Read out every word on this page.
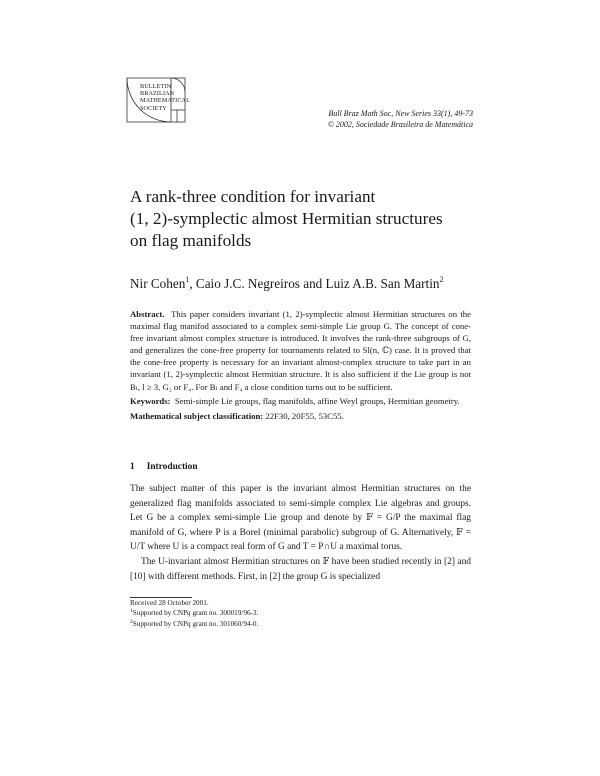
BULLETIN
BRAZILIAN
MATHEMATICAL
SOCIETY
Bull Braz Math Soc, New Series 33(1), 49-73
© 2002, Sociedade Brasileira de Matemática
A rank-three condition for invariant
(1, 2)-symplectic almost Hermitian structures
on flag manifolds
Nir Cohen$^1$, Caio J.C. Negreiros and Luiz A.B. San Martin$^2$

Abstract. This paper considers invariant (1, 2)-symplectic almost Hermitian structures on the maximal flag manifod associated to a complex semi-simple Lie group G. The concept of cone-free invariant almost complex structure is introduced. It involves the rank-three subgroups of G, and generalizes the cone-free property for tournaments related to Sl(n, ℂ) case. It is proved that the cone-free property is necessary for an invariant almost-complex structure to take part in an invariant (1, 2)-symplectic almost Hermitian structure. It is also sufficient if the Lie group is not Bₗ, l ≥ 3, G₂ or F₄. For Bₗ and F₄ a close condition turns out to be sufficient.

Keywords: Semi-simple Lie groups, flag manifolds, affine Weyl groups, Hermitian geometry.

Mathematical subject classification: 22F30, 20F55, 53C55.

1 Introduction

The subject matter of this paper is the invariant almost Hermitian structures on the generalized flag manifolds associated to semi-simple complex Lie algebras and groups. Let G be a complex semi-simple Lie group and denote by 𝔽 = G/P the maximal flag manifold of G, where P is a Borel (minimal parabolic) subgroup of G. Alternatively, 𝔽 = U/T where U is a compact real form of G and T = P∩U a maximal torus.

The U-invariant almost Hermitian structures on 𝔽 have been studied recently in [2] and [10] with different methods. First, in [2] the group G is specialized

Received 28 October 2001.
$^1$Supported by CNPq grant no. 300019/96-3.
$^2$Supported by CNPq grant no. 301060/94-0.
